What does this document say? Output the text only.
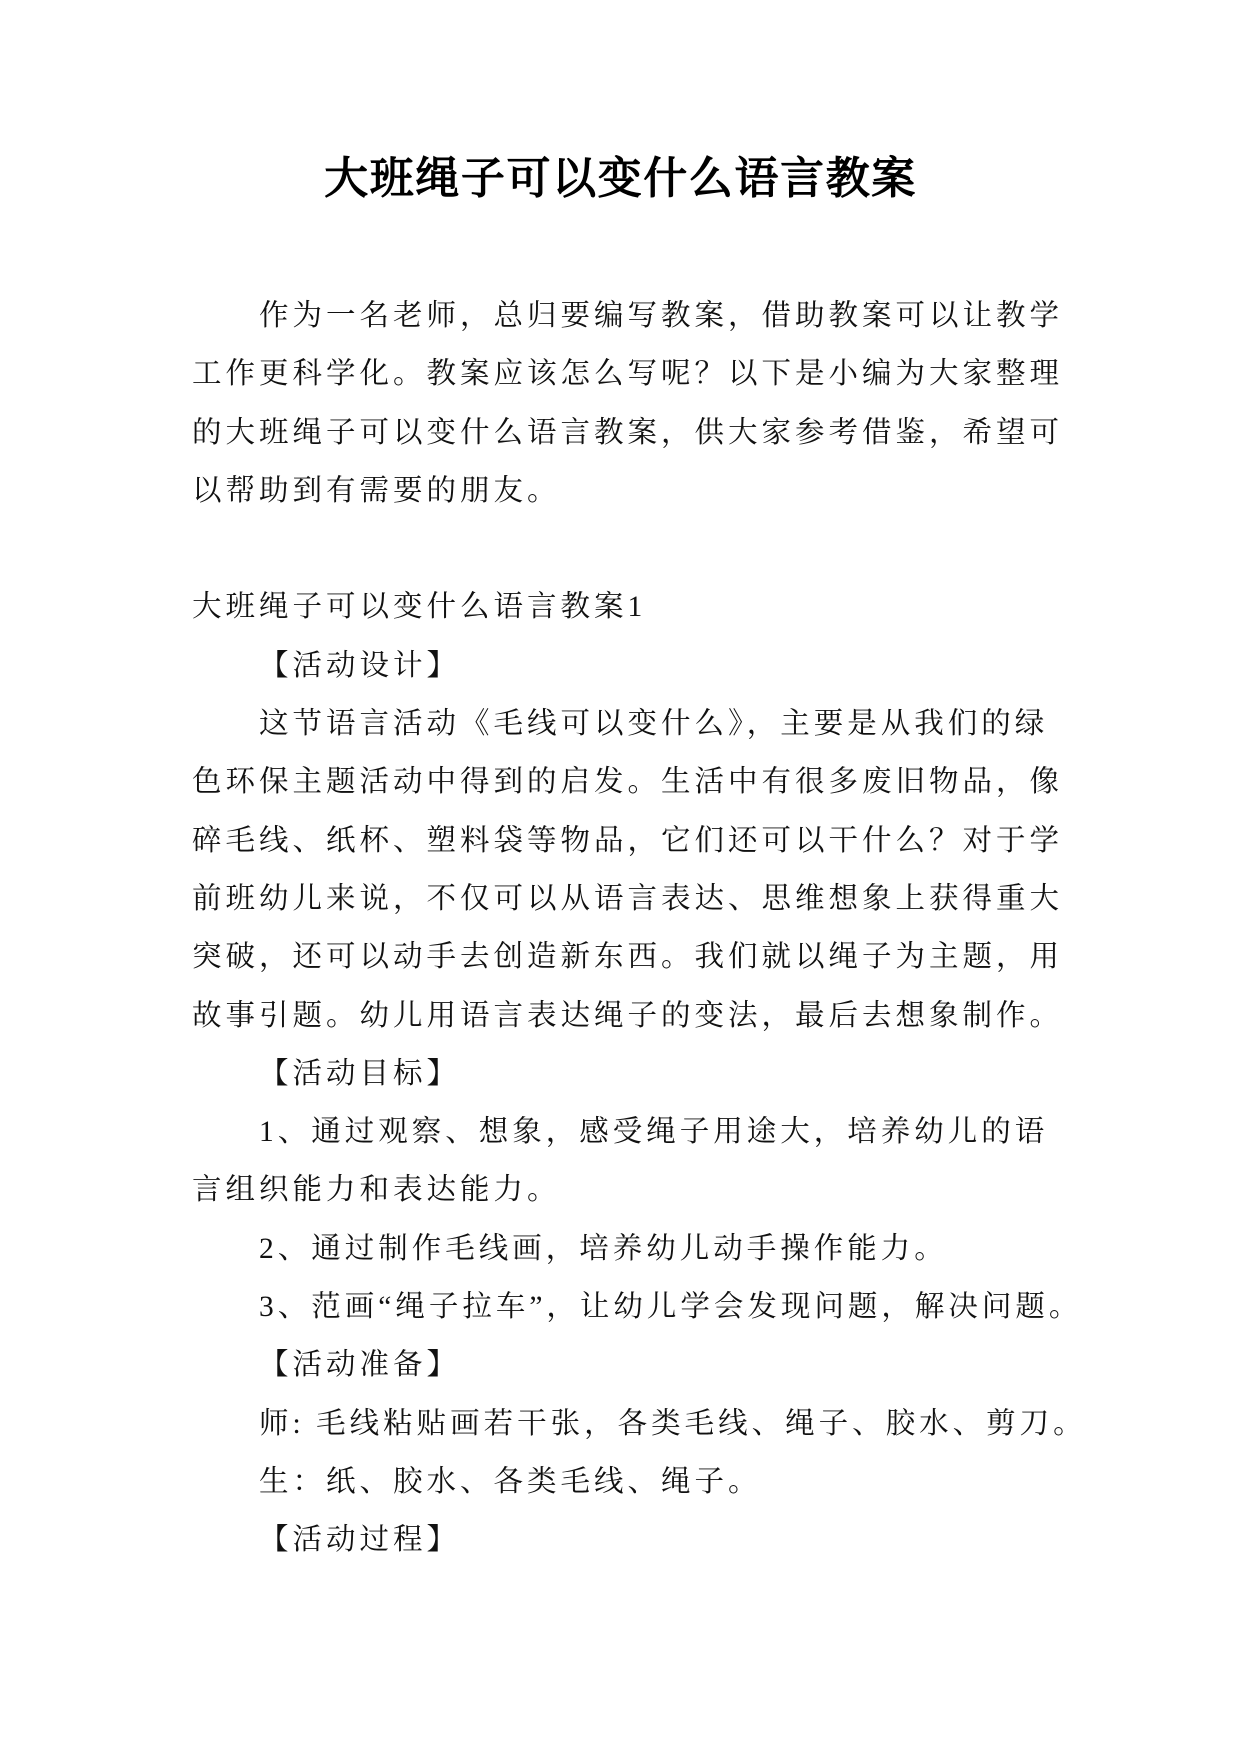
大班绳子可以变什么语言教案
作为一名老师，总归要编写教案，借助教案可以让教学
工作更科学化。教案应该怎么写呢？以下是小编为大家整理
的大班绳子可以变什么语言教案，供大家参考借鉴，希望可
以帮助到有需要的朋友。
大班绳子可以变什么语言教案1
【活动设计】
这节语言活动《毛线可以变什么》，主要是从我们的绿
色环保主题活动中得到的启发。生活中有很多废旧物品，像
碎毛线、纸杯、塑料袋等物品，它们还可以干什么？对于学
前班幼儿来说，不仅可以从语言表达、思维想象上获得重大
突破，还可以动手去创造新东西。我们就以绳子为主题，用
故事引题。幼儿用语言表达绳子的变法，最后去想象制作。
【活动目标】
1、通过观察、想象，感受绳子用途大，培养幼儿的语
言组织能力和表达能力。
2、通过制作毛线画，培养幼儿动手操作能力。
3、范画“绳子拉车”，让幼儿学会发现问题，解决问题。
【活动准备】
师: 毛线粘贴画若干张，各类毛线、绳子、胶水、剪刀。
生：纸、胶水、各类毛线、绳子。
【活动过程】
